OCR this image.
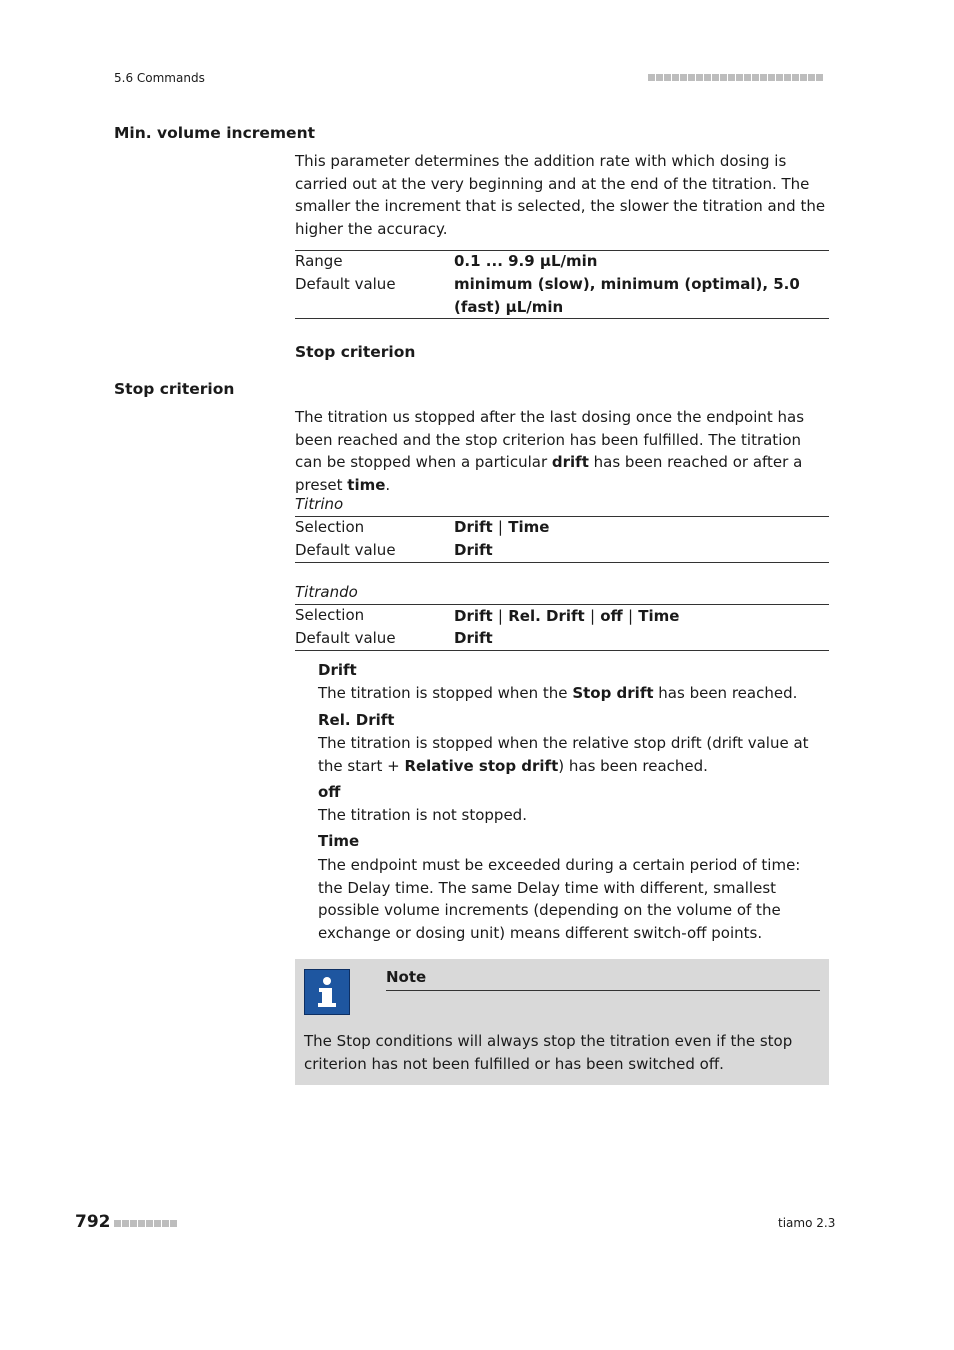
5.6 Commands
Min. volume increment
This parameter determines the addition rate with which dosing is carried out at the very beginning and at the end of the titration. The smaller the increment that is selected, the slower the titration and the higher the accuracy.
Range	0.1 ... 9.9 µL/min
Default value	minimum (slow), minimum (optimal), 5.0 (fast) µL/min
Stop criterion
Stop criterion
The titration us stopped after the last dosing once the endpoint has been reached and the stop criterion has been fulfilled. The titration can be stopped when a particular drift has been reached or after a preset time.
Titrino
Selection	Drift | Time
Default value	Drift
Titrando
Selection	Drift | Rel. Drift | off | Time
Default value	Drift
Drift
The titration is stopped when the Stop drift has been reached.
Rel. Drift
The titration is stopped when the relative stop drift (drift value at the start + Relative stop drift) has been reached.
off
The titration is not stopped.
Time
The endpoint must be exceeded during a certain period of time: the Delay time. The same Delay time with different, smallest possible volume increments (depending on the volume of the exchange or dosing unit) means different switch-off points.
Note
The Stop conditions will always stop the titration even if the stop criterion has not been fulfilled or has been switched off.
792	tiamo 2.3
